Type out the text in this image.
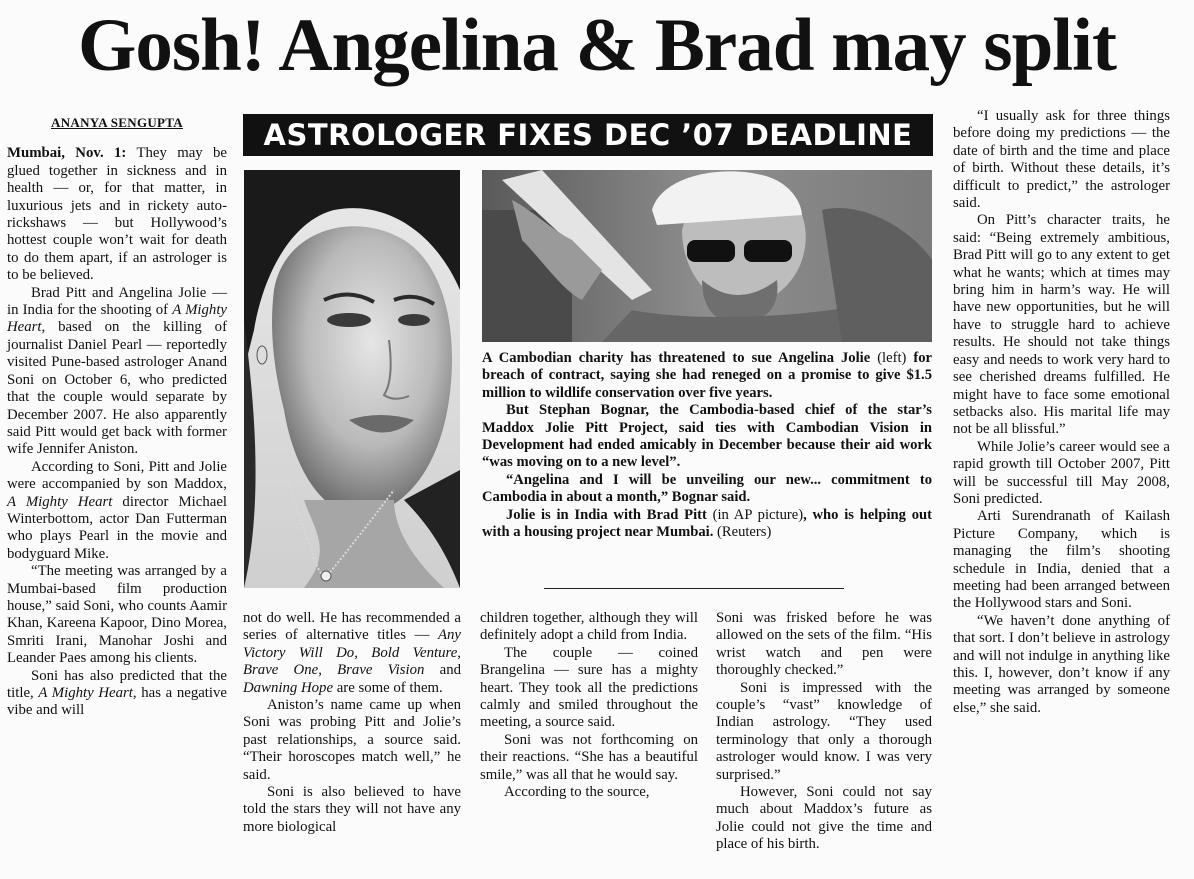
Gosh! Angelina & Brad may split
ASTROLOGER FIXES DEC ’07 DEADLINE
ANANYA SENGUPTA

Mumbai, Nov. 1: They may be glued together in sickness and in health — or, for that matter, in luxurious jets and in rickety auto-rickshaws — but Hollywood’s hottest couple won’t wait for death to do them apart, if an astrologer is to be believed.

Brad Pitt and Angelina Jolie — in India for the shooting of A Mighty Heart, based on the killing of journalist Daniel Pearl — reportedly visited Pune-based astrologer Anand Soni on October 6, who predicted that the couple would separate by December 2007. He also apparently said Pitt would get back with former wife Jennifer Aniston.

According to Soni, Pitt and Jolie were accompanied by son Maddox, A Mighty Heart director Michael Winterbottom, actor Dan Futterman who plays Pearl in the movie and bodyguard Mike.

“The meeting was arranged by a Mumbai-based film production house,” said Soni, who counts Aamir Khan, Kareena Kapoor, Dino Morea, Smriti Irani, Manohar Joshi and Leander Paes among his clients.

Soni has also predicted that the title, A Mighty Heart, has a negative vibe and will

A Cambodian charity has threatened to sue Angelina Jolie (left) for breach of contract, saying she had reneged on a promise to give $1.5 million to wildlife conservation over five years.

But Stephan Bognar, the Cambodia-based chief of the star’s Maddox Jolie Pitt Project, said ties with Cambodian Vision in Development had ended amicably in December because their aid work “was moving on to a new level”.

“Angelina and I will be unveiling our new... commitment to Cambodia in about a month,” Bognar said.

Jolie is in India with Brad Pitt (in AP picture), who is helping out with a housing project near Mumbai. (Reuters)

not do well. He has recommended a series of alternative titles — Any Victory Will Do, Bold Venture, Brave One, Brave Vision and Dawning Hope are some of them.

Aniston’s name came up when Soni was probing Pitt and Jolie’s past relationships, a source said. “Their horoscopes match well,” he said.

Soni is also believed to have told the stars they will not have any more biological

children together, although they will definitely adopt a child from India.

The couple — coined Brangelina — sure has a mighty heart. They took all the predictions calmly and smiled throughout the meeting, a source said.

Soni was not forthcoming on their reactions. “She has a beautiful smile,” was all that he would say.

According to the source,

Soni was frisked before he was allowed on the sets of the film. “His wrist watch and pen were thoroughly checked.”

Soni is impressed with the couple’s “vast” knowledge of Indian astrology. “They used terminology that only a thorough astrologer would know. I was very surprised.”

However, Soni could not say much about Maddox’s future as Jolie could not give the time and place of his birth.

“I usually ask for three things before doing my predictions — the date of birth and the time and place of birth. Without these details, it’s difficult to predict,” the astrologer said.

On Pitt’s character traits, he said: “Being extremely ambitious, Brad Pitt will go to any extent to get what he wants; which at times may bring him in harm’s way. He will have new opportunities, but he will have to struggle hard to achieve results. He should not take things easy and needs to work very hard to see cherished dreams fulfilled. He might have to face some emotional setbacks also. His marital life may not be all blissful.”

While Jolie’s career would see a rapid growth till October 2007, Pitt will be successful till May 2008, Soni predicted.

Arti Surendranath of Kailash Picture Company, which is managing the film’s shooting schedule in India, denied that a meeting had been arranged between the Hollywood stars and Soni.

“We haven’t done anything of that sort. I don’t believe in astrology and will not indulge in anything like this. I, however, don’t know if any meeting was arranged by someone else,” she said.
